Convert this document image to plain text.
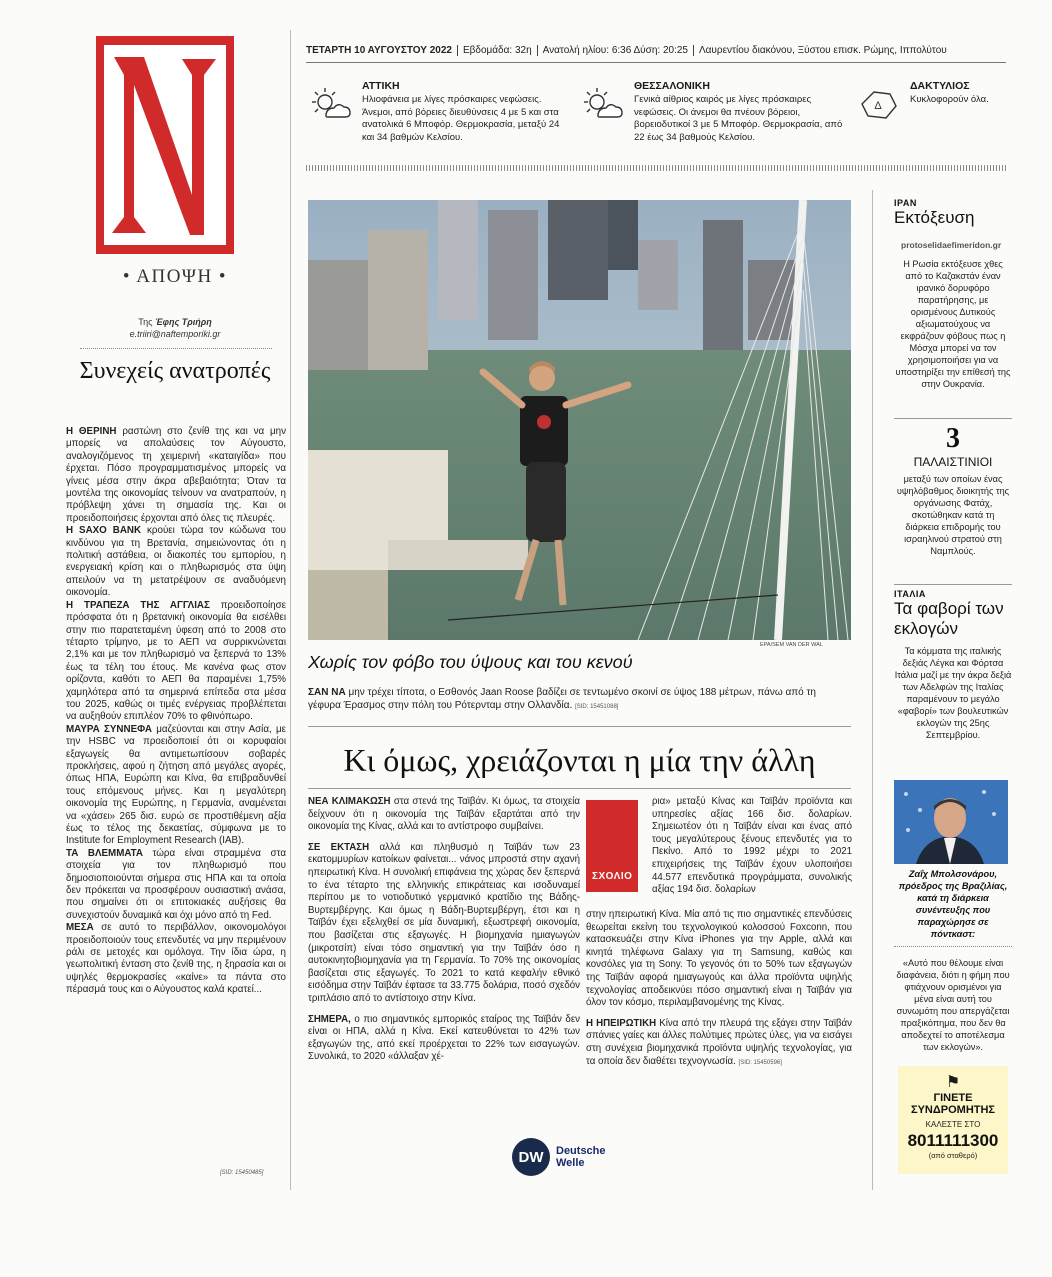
• ΑΠΟΨΗ •
Της Έφης Τριήρη
e.triiri@naftemporiki.gr
Συνεχείς ανατροπές

Η ΘΕΡΙΝΗ ραστώνη στο ζενίθ της και να μην μπορείς να απολαύσεις τον Αύγουστο, αναλογιζόμενος τη χειμερινή «καταιγίδα» που έρχεται. Πόσο προγραμματισμένος μπορείς να γίνεις μέσα στην άκρα αβεβαιότητα; Όταν τα μοντέλα της οικονομίας τείνουν να ανατραπούν, η πρόβλεψη χάνει τη σημασία της. Και οι προειδοποιήσεις έρχονται από όλες τις πλευρές.

Η SAXO BANK κρούει τώρα τον κώδωνα του κινδύνου για τη Βρετανία, σημειώνοντας ότι η πολιτική αστάθεια, οι διακοπές του εμπορίου, η ενεργειακή κρίση και ο πληθωρισμός στα ύψη απειλούν να τη μετατρέψουν σε αναδυόμενη οικονομία.

Η ΤΡΑΠΕΖΑ ΤΗΣ ΑΓΓΛΙΑΣ προειδοποίησε πρόσφατα ότι η βρετανική οικονομία θα εισέλθει στην πιο παρατεταμένη ύφεση από το 2008 στο τέταρτο τρίμηνο, με το ΑΕΠ να συρρικνώνεται 2,1% και με τον πληθωρισμό να ξεπερνά το 13% έως τα τέλη του έτους. Με κανένα φως στον ορίζοντα, καθότι το ΑΕΠ θα παραμένει 1,75% χαμηλότερα από τα σημερινά επίπεδα στα μέσα του 2025, καθώς οι τιμές ενέργειας προβλέπεται να αυξηθούν επιπλέον 70% το φθινόπωρο.

ΜΑΥΡΑ ΣΥΝΝΕΦΑ μαζεύονται και στην Ασία, με την HSBC να προειδοποιεί ότι οι κορυφαίοι εξαγωγείς θα αντιμετωπίσουν σοβαρές προκλήσεις, αφού η ζήτηση από μεγάλες αγορές, όπως ΗΠΑ, Ευρώπη και Κίνα, θα επιβραδυνθεί τους επόμενους μήνες. Και η μεγαλύτερη οικονομία της Ευρώπης, η Γερμανία, αναμένεται να «χάσει» 265 δισ. ευρώ σε προστιθέμενη αξία έως το τέλος της δεκαετίας, σύμφωνα με το Institute for Employment Research (IAB).

ΤΑ ΒΛΕΜΜΑΤΑ τώρα είναι στραμμένα στα στοιχεία για τον πληθωρισμό που δημοσιοποιούνται σήμερα στις ΗΠΑ και τα οποία δεν πρόκειται να προσφέρουν ουσιαστική ανάσα, που σημαίνει ότι οι επιτοκιακές αυξήσεις θα συνεχιστούν δυναμικά και όχι μόνο από τη Fed.

ΜΕΣΑ σε αυτό το περιβάλλον, οικονομολόγοι προειδοποιούν τους επενδυτές να μην περιμένουν ράλι σε μετοχές και ομόλογα. Την ίδια ώρα, η γεωπολιτική ένταση στο ζενίθ της, η ξηρασία και οι υψηλές θερμοκρασίες «καίνε» τα πάντα στο πέρασμά τους και ο Αύγουστος καλά κρατεί...

[SID: 15450485]
ΤΕΤΑΡΤΗ 10 ΑΥΓΟΥΣΤΟΥ 2022	Εβδομάδα: 32η	Ανατολή ηλίου: 6:36 Δύση: 20:25	Λαυρεντίου διακόνου, Ξύστου επισκ. Ρώμης, Ιππολύτου
ΑΤΤΙΚΗ
Ηλιοφάνεια με λίγες πρόσκαιρες νεφώσεις. Άνεμοι, από βόρειες διευθύνσεις 4 με 5 και στα ανατολικά 6 Μποφόρ. Θερμοκρασία, μεταξύ 24 και 34 βαθμών Κελσίου.
ΘΕΣΣΑΛΟΝΙΚΗ
Γενικά αίθριος καιρός με λίγες πρόσκαιρες νεφώσεις. Οι άνεμοι θα πνέουν βόρειοι, βορειοδυτικοί 3 με 5 Μποφόρ. Θερμοκρασία, από 22 έως 34 βαθμούς Κελσίου.
Δ
ΔΑΚΤΥΛΙΟΣ
Κυκλοφορούν όλα.
EPA/SEM VAN DER WAL
Χωρίς τον φόβο του ύψους και του κενού
ΣΑΝ ΝΑ μην τρέχει τίποτα, ο Εσθονός Jaan Roose βαδίζει σε τεντωμένο σκοινί σε ύψος 188 μέτρων, πάνω από τη γέφυρα Έρασμος στην πόλη του Ρότερνταμ στην Ολλανδία. [SID: 15451088]
Κι όμως, χρειάζονται η μία την άλλη

ΝΕΑ ΚΛΙΜΑΚΩΣΗ στα στενά της Ταϊβάν. Κι όμως, τα στοιχεία δείχνουν ότι η οικονομία της Ταϊβάν εξαρτάται από την οικονομία της Κίνας, αλλά και το αντίστροφο συμβαίνει.

ΣΕ ΕΚΤΑΣΗ αλλά και πληθυσμό η Ταϊβάν των 23 εκατομμυρίων κατοίκων φαίνεται... νάνος μπροστά στην αχανή ηπειρωτική Κίνα. Η συνολική επιφάνεια της χώρας δεν ξεπερνά το ένα τέταρτο της ελληνικής επικράτειας και ισοδυναμεί περίπου με το νοτιοδυτικό γερμανικό κρατίδιο της Βάδης-Βυρτεμβέργης. Και όμως η Βάδη-Βυρτεμβέργη, έτσι και η Ταϊβάν έχει εξελιχθεί σε μία δυναμική, εξωστρεφή οικονομία, που βασίζεται στις εξαγωγές. Η βιομηχανία ημιαγωγών (μικροτσίπ) είναι τόσο σημαντική για την Ταϊβάν όσο η αυτοκινητοβιομηχανία για τη Γερμανία. Το 70% της οικονομίας βασίζεται στις εξαγωγές. Το 2021 το κατά κεφαλήν εθνικό εισόδημα στην Ταϊβάν έφτασε τα 33.775 δολάρια, ποσό σχεδόν τριπλάσιο από το αντίστοιχο στην Κίνα.

ΣΗΜΕΡΑ, ο πιο σημαντικός εμπορικός εταίρος της Ταϊβάν δεν είναι οι ΗΠΑ, αλλά η Κίνα. Εκεί κατευθύνεται το 42% των εξαγωγών της, από εκεί προέρχεται το 22% των εισαγωγών. Συνολικά, το 2020 «άλλαξαν χέ-

ΣΧΟΛΙΟ
ρια» μεταξύ Κίνας και Ταϊβάν προϊόντα και υπηρεσίες αξίας 166 δισ. δολαρίων. Σημειωτέον ότι η Ταϊβάν είναι και ένας από τους μεγαλύτερους ξένους επενδυτές για το Πεκίνο. Από το 1992 μέχρι το 2021 επιχειρήσεις της Ταϊβάν έχουν υλοποιήσει 44.577 επενδυτικά προγράμματα, συνολικής αξίας 194 δισ. δολαρίων

στην ηπειρωτική Κίνα. Μία από τις πιο σημαντικές επενδύσεις θεωρείται εκείνη του τεχνολογικού κολοσσού Foxconn, που κατασκευάζει στην Κίνα iPhones για την Apple, αλλά και κινητά τηλέφωνα Galaxy για τη Samsung, καθώς και κονσόλες για τη Sony. Το γεγονός ότι το 50% των εξαγωγών της Ταϊβάν αφορά ημιαγωγούς και άλλα προϊόντα υψηλής τεχνολογίας αποδεικνύει πόσο σημαντική είναι η Ταϊβάν για όλον τον κόσμο, περιλαμβανομένης της Κίνας.

Η ΗΠΕΙΡΩΤΙΚΗ Κίνα από την πλευρά της εξάγει στην Ταϊβάν σπάνιες γαίες και άλλες πολύτιμες πρώτες ύλες, για να εισάγει στη συνέχεια βιομηχανικά προϊόντα υψηλής τεχνολογίας, για τα οποία δεν διαθέτει τεχνογνωσία. [SID: 15450596]

DW	Deutsche
Welle
ΙΡΑΝ
Εκτόξευση
Η Ρωσία εκτόξευσε χθες από το Καζακστάν έναν ιρανικό δορυφόρο παρατήρησης, με ορισμένους Δυτικούς αξιωματούχους να εκφράζουν φόβους πως η Μόσχα μπορεί να τον χρησιμοποιήσει για να υποστηρίξει την επίθεσή της στην Ουκρανία.
protoselidaefimeridon.gr
3
ΠΑΛΑΙΣΤΙΝΙΟΙ
μεταξύ των οποίων ένας υψηλόβαθμος διοικητής της οργάνωσης Φατάχ, σκοτώθηκαν κατά τη διάρκεια επιδρομής του ισραηλινού στρατού στη Ναμπλούς.
ΙΤΑΛΙΑ
Τα φαβορί των εκλογών
Τα κόμματα της ιταλικής δεξιάς Λέγκα και Φόρτσα Ιτάλια μαζί με την άκρα δεξιά των Αδελφών της Ιταλίας παραμένουν το μεγάλο «φαβορί» των βουλευτικών εκλογών της 25ης Σεπτεμβρίου.
Ζαΐχ Μπολσονάρου, πρόεδρος της Βραζιλίας, κατά τη διάρκεια συνέντευξης που παραχώρησε σε πόντκαστ:
«Αυτό που θέλουμε είναι διαφάνεια, διότι η φήμη που φτιάχνουν ορισμένοι για μένα είναι αυτή του συνωμότη που απεργάζεται πραξικόπημα, που δεν θα αποδεχτεί το αποτέλεσμα των εκλογών».
⚑
ΓΙΝΕΤΕ
ΣΥΝΔΡΟΜΗΤΗΣ
ΚΑΛΕΣΤΕ ΣΤΟ
8011111300
(από σταθερό)
